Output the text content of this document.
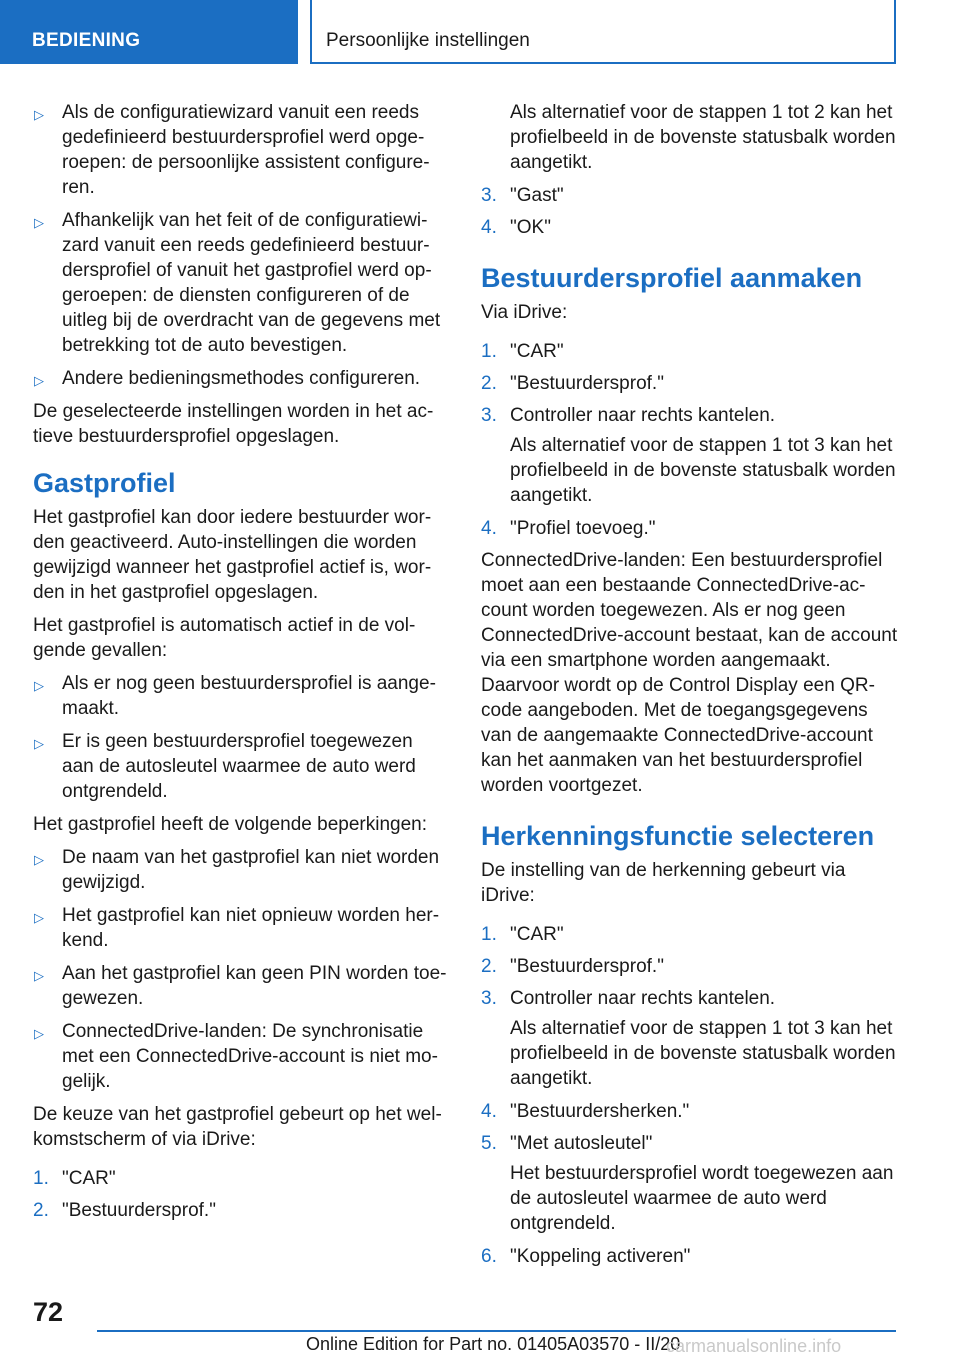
BEDIENING	Persoonlijke instellingen
▷ Als de configuratiewizard vanuit een reeds gedefinieerd bestuurdersprofiel werd opgeroepen: de persoonlijke assistent configureren.
▷ Afhankelijk van het feit of de configuratiewizard vanuit een reeds gedefinieerd bestuurdersprofiel of vanuit het gastprofiel werd opgeroepen: de diensten configureren of de uitleg bij de overdracht van de gegevens met betrekking tot de auto bevestigen.
▷ Andere bedieningsmethodes configureren.

De geselecteerde instellingen worden in het actieve bestuurdersprofiel opgeslagen.

Gastprofiel

Het gastprofiel kan door iedere bestuurder worden geactiveerd. Auto-instellingen die worden gewijzigd wanneer het gastprofiel actief is, worden in het gastprofiel opgeslagen.

Het gastprofiel is automatisch actief in de volgende gevallen:

▷ Als er nog geen bestuurdersprofiel is aangemaakt.
▷ Er is geen bestuurdersprofiel toegewezen aan de autosleutel waarmee de auto werd ontgrendeld.

Het gastprofiel heeft de volgende beperkingen:

▷ De naam van het gastprofiel kan niet worden gewijzigd.
▷ Het gastprofiel kan niet opnieuw worden herkend.
▷ Aan het gastprofiel kan geen PIN worden toegewezen.
▷ ConnectedDrive-landen: De synchronisatie met een ConnectedDrive-account is niet mogelijk.

De keuze van het gastprofiel gebeurt op het welkomstscherm of via iDrive:

1. "CAR"
2. "Bestuurdersprof."

Als alternatief voor de stappen 1 tot 2 kan het profielbeeld in de bovenste statusbalk worden aangetikt.

3. "Gast"
4. "OK"
Bestuurdersprofiel aanmaken

Via iDrive:

1. "CAR"
2. "Bestuurdersprof."
3. Controller naar rechts kantelen.

Als alternatief voor de stappen 1 tot 3 kan het profielbeeld in de bovenste statusbalk worden aangetikt.

4. "Profiel toevoeg."

ConnectedDrive-landen: Een bestuurdersprofiel moet aan een bestaande ConnectedDrive-account worden toegewezen. Als er nog geen ConnectedDrive-account bestaat, kan de account via een smartphone worden aangemaakt. Daarvoor wordt op de Control Display een QR-code aangeboden. Met de toegangsgegevens van de aangemaakte ConnectedDrive-account kan het aanmaken van het bestuurdersprofiel worden voortgezet.

Herkenningsfunctie selecteren

De instelling van de herkenning gebeurt via iDrive:

1. "CAR"
2. "Bestuurdersprof."
3. Controller naar rechts kantelen.

Als alternatief voor de stappen 1 tot 3 kan het profielbeeld in de bovenste statusbalk worden aangetikt.

4. "Bestuurdersherken."
5. "Met autosleutel"

Het bestuurdersprofiel wordt toegewezen aan de autosleutel waarmee de auto werd ontgrendeld.

6. "Koppeling activeren"
72
Online Edition for Part no. 01405A03570 - II/20
carmanualsonline.info
